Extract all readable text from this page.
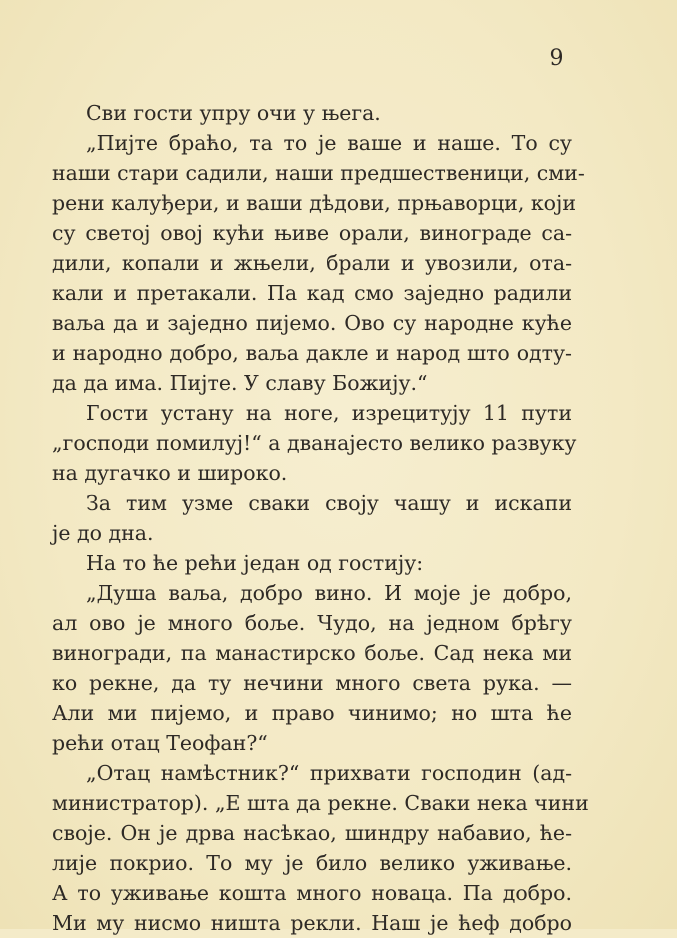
9
Сви гости упру очи у њега.
„Пијте браћо, та то је ваше и наше. То су
наши стари садили, наши предшественици, сми-
рени калуђери, и ваши дѣдови, прњаворци, који
су светој овој кући њиве орали, винограде са-
дили, копали и жњели, брали и увозили, ота-
кали и претакали. Па кад смо заједно радили
ваља да и заједно пијемо. Ово су народне куће
и народно добро, ваља дакле и народ што одту-
да да има. Пијте. У славу Божију.“
Гости устану на ноге, изрецитују 11 пути
„господи помилуј!“ а дванајесто велико развуку
на дугачко и широко.
За тим узме сваки своју чашу и искапи
је до дна.
На то ће рећи један од гостију:
„Душа ваља, добро вино. И моје је добро,
ал ово је много боље. Чудо, на једном брѣгу
виногради, па манастирско боље. Сад нека ми
ко рекне, да ту нечини много света рука. —
Али ми пијемо, и право чинимо; но шта ће
рећи отац Теофан?“
„Отац намѣстник?“ прихвати господин (ад-
министратор). „Е шта да рекне. Сваки нека чини
своје. Он је дрва насѣкао, шиндру набавио, ће-
лије покрио. То му је било велико уживање.
А то уживање кошта много новаца. Па добро.
Ми му нисмо ништа рекли. Наш је ћеф добро
